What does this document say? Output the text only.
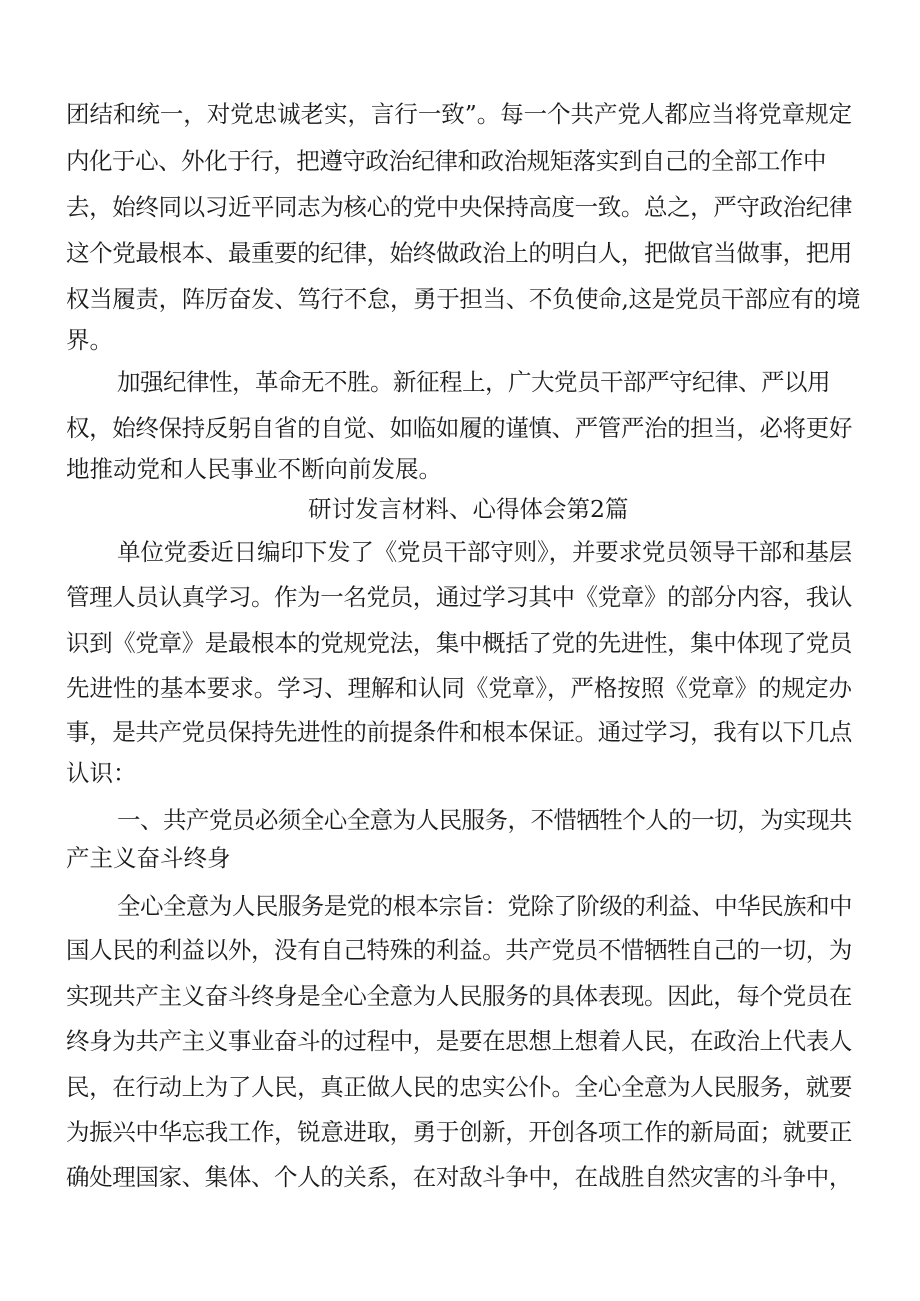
团结和统一，对党忠诚老实，言行一致”。每一个共产党人都应当将党章规定

内化于心、外化于行，把遵守政治纪律和政治规矩落实到自己的全部工作中

去，始终同以习近平同志为核心的党中央保持高度一致。总之，严守政治纪律

这个党最根本、最重要的纪律，始终做政治上的明白人，把做官当做事，把用

权当履责，阵厉奋发、笃行不怠，勇于担当、不负使命,这是党员干部应有的境

界。

加强纪律性，革命无不胜。新征程上，广大党员干部严守纪律、严以用

权，始终保持反躬自省的自觉、如临如履的谨慎、严管严治的担当，必将更好

地推动党和人民事业不断向前发展。

研讨发言材料、心得体会第2篇

单位党委近日编印下发了《党员干部守则》，并要求党员领导干部和基层

管理人员认真学习。作为一名党员，通过学习其中《党章》的部分内容，我认

识到《党章》是最根本的党规党法，集中概括了党的先进性，集中体现了党员

先进性的基本要求。学习、理解和认同《党章》，严格按照《党章》的规定办

事，是共产党员保持先进性的前提条件和根本保证。通过学习，我有以下几点

认识：

一、共产党员必须全心全意为人民服务，不惜牺牲个人的一切，为实现共

产主义奋斗终身

全心全意为人民服务是党的根本宗旨：党除了阶级的利益、中华民族和中

国人民的利益以外，没有自己特殊的利益。共产党员不惜牺牲自己的一切，为

实现共产主义奋斗终身是全心全意为人民服务的具体表现。因此，每个党员在

终身为共产主义事业奋斗的过程中，是要在思想上想着人民，在政治上代表人

民，在行动上为了人民，真正做人民的忠实公仆。全心全意为人民服务，就要

为振兴中华忘我工作，锐意进取，勇于创新，开创各项工作的新局面；就要正

确处理国家、集体、个人的关系，在对敌斗争中，在战胜自然灾害的斗争中，
